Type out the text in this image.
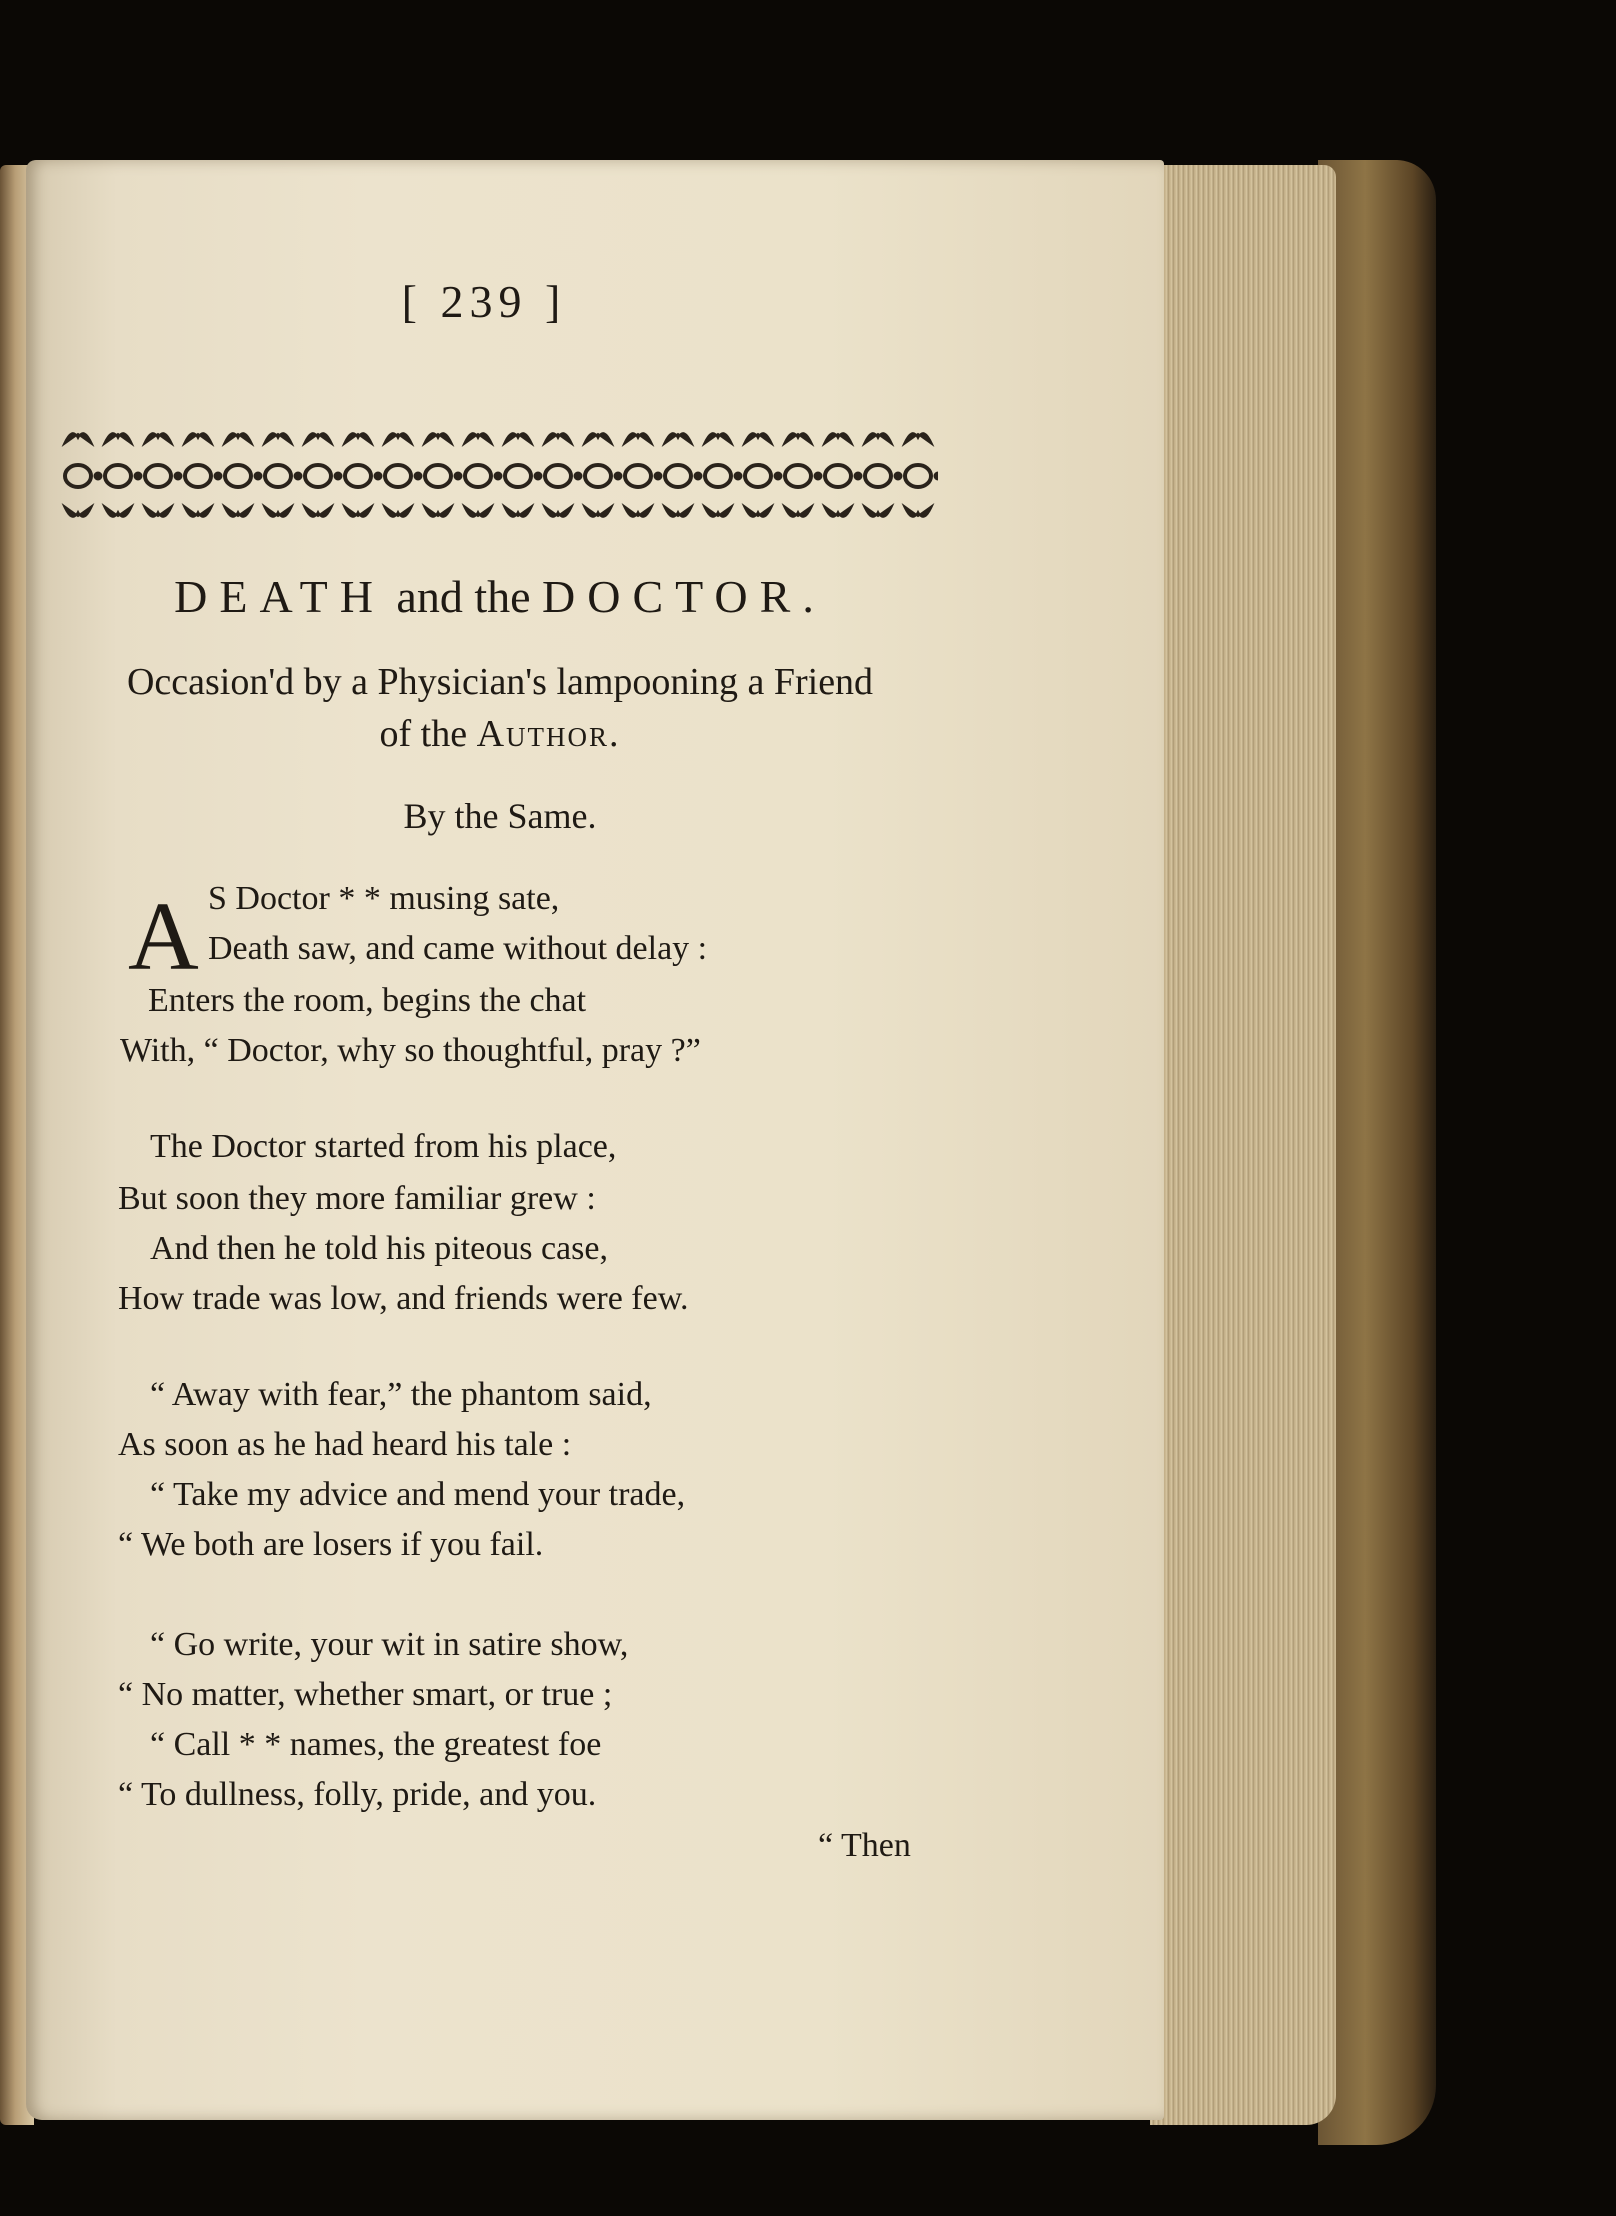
[ 239 ]
DEATH and the DOCTOR.
Occasion'd by a Physician's lampooning a Friend
of the Author.
By the Same.
A S Doctor * * musing sate,
Death saw, and came without delay :
Enters the room, begins the chat
With, “ Doctor, why so thoughtful, pray ?”
The Doctor started from his place,
But soon they more familiar grew :
And then he told his piteous case,
How trade was low, and friends were few.
“ Away with fear,” the phantom said,
As soon as he had heard his tale :
“ Take my advice and mend your trade,
“ We both are losers if you fail.
“ Go write, your wit in satire show,
“ No matter, whether smart, or true ;
“ Call * * names, the greatest foe
“ To dullness, folly, pride, and you.
“ Then
